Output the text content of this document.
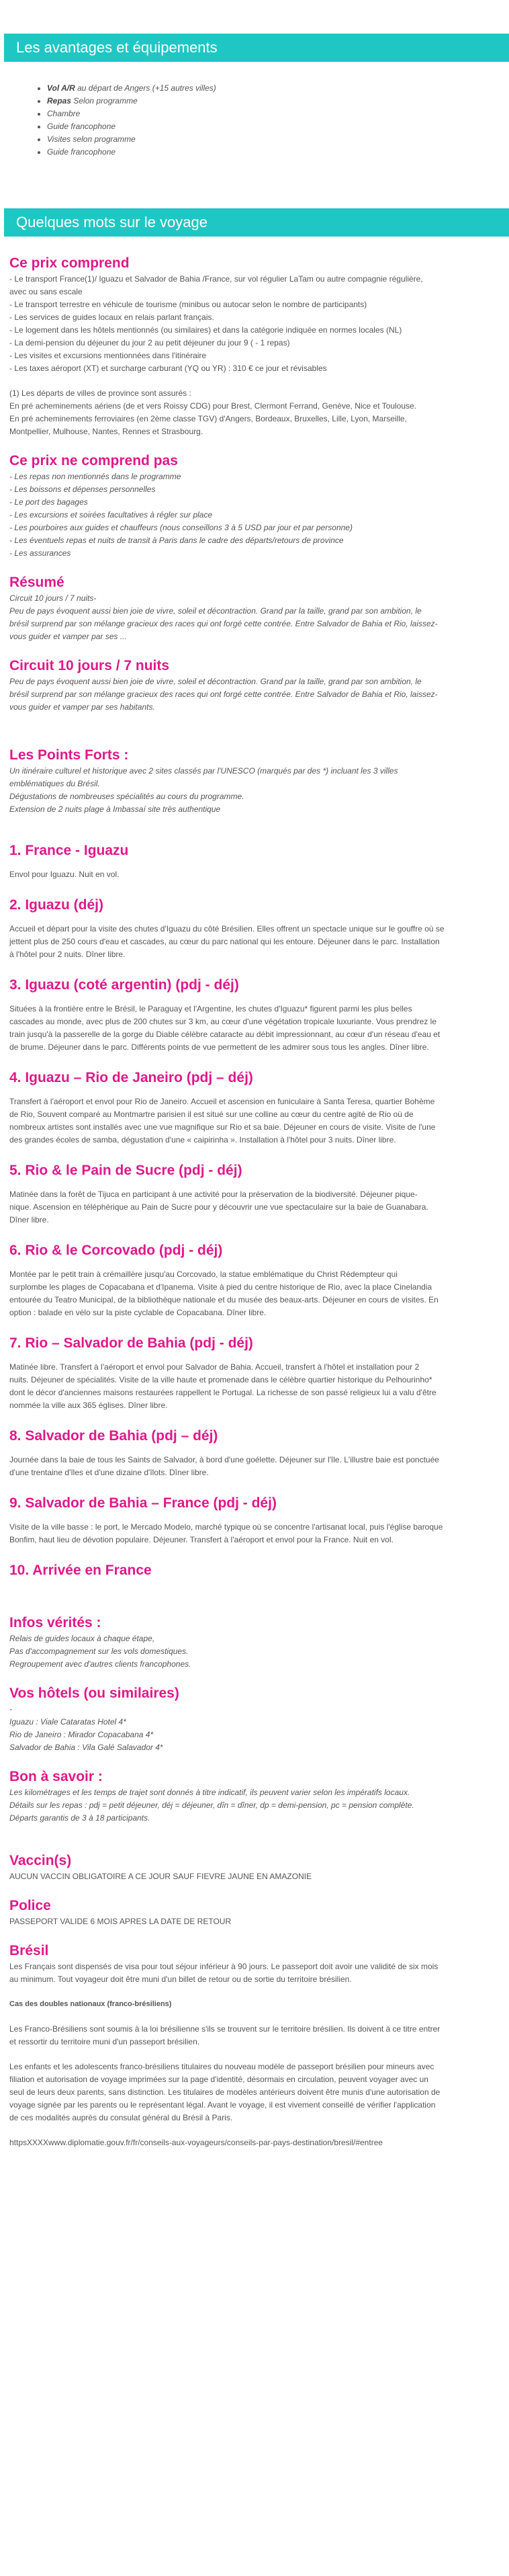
Les avantages et équipements
• Vol A/R au départ de Angers (+15 autres villes)
• Repas Selon programme
• Chambre
• Guide francophone
• Visites selon programme
• Guide francophone
Quelques mots sur le voyage
Ce prix comprend
- Le transport France(1)/ Iguazu et Salvador de Bahia /France, sur vol régulier LaTam ou autre compagnie régulière,
avec ou sans escale
- Le transport terrestre en véhicule de tourisme (minibus ou autocar selon le nombre de participants)
- Les services de guides locaux en relais parlant français.
- Le logement dans les hôtels mentionnés (ou similaires) et dans la catégorie indiquée en normes locales (NL)
- La demi-pension du déjeuner du jour 2 au petit déjeuner du jour 9 ( - 1 repas)
- Les visites et excursions mentionnées dans l'itinéraire
- Les taxes aéroport (XT) et surcharge carburant (YQ ou YR) : 310 € ce jour et révisables
(1) Les départs de villes de province sont assurés :
En pré acheminements aériens (de et vers Roissy CDG) pour Brest, Clermont Ferrand, Genève, Nice et Toulouse.
En pré acheminements ferroviaires (en 2ème classe TGV) d'Angers, Bordeaux, Bruxelles, Lille, Lyon, Marseille,
Montpellier, Mulhouse, Nantes, Rennes et Strasbourg.
Ce prix ne comprend pas
- Les repas non mentionnés dans le programme
- Les boissons et dépenses personnelles
- Le port des bagages
- Les excursions et soirées facultatives à régler sur place
- Les pourboires aux guides et chauffeurs (nous conseillons 3 à 5 USD par jour et par personne)
- Les éventuels repas et nuits de transit à Paris dans le cadre des départs/retours de province
- Les assurances
Résumé
Circuit 10 jours / 7 nuits-
Peu de pays évoquent aussi bien joie de vivre, soleil et décontraction. Grand par la taille, grand par son ambition, le
brésil surprend par son mélange gracieux des races qui ont forgé cette contrée. Entre Salvador de Bahia et Rio, laissez-
vous guider et vamper par ses ...
Circuit 10 jours / 7 nuits
Peu de pays évoquent aussi bien joie de vivre, soleil et décontraction. Grand par la taille, grand par son ambition, le
brésil surprend par son mélange gracieux des races qui ont forgé cette contrée. Entre Salvador de Bahia et Rio, laissez-
vous guider et vamper par ses habitants.
Les Points Forts :
Un itinéraire culturel et historique avec 2 sites classés par l'UNESCO (marqués par des *) incluant les 3 villes
emblématiques du Brésil.
Dégustations de nombreuses spécialités au cours du programme.
Extension de 2 nuits plage à Imbassaí site très authentique
1. France - Iguazu
Envol pour Iguazu. Nuit en vol.
2. Iguazu (déj)
Accueil et départ pour la visite des chutes d'Iguazu du côté Brésilien. Elles offrent un spectacle unique sur le gouffre où se
jettent plus de 250 cours d'eau et cascades, au cœur du parc national qui les entoure. Déjeuner dans le parc. Installation
à l'hôtel pour 2 nuits. Dîner libre.
3. Iguazu (coté argentin) (pdj - déj)
Situées à la frontière entre le Brésil, le Paraguay et l'Argentine, les chutes d'Iguazu* figurent parmi les plus belles
cascades au monde, avec plus de 200 chutes sur 3 km, au cœur d'une végétation tropicale luxuriante. Vous prendrez le
train jusqu'à la passerelle de la gorge du Diable célèbre cataracte au débit impressionnant, au cœur d'un réseau d'eau et
de brume. Déjeuner dans le parc. Différents points de vue permettent de les admirer sous tous les angles. Dîner libre.
4. Iguazu – Rio de Janeiro (pdj – déj)
Transfert à l'aéroport et envol pour Rio de Janeiro. Accueil et ascension en funiculaire à Santa Teresa, quartier Bohème
de Rio, Souvent comparé au Montmartre parisien il est situé sur une colline au cœur du centre agité de Rio où de
nombreux artistes sont installés avec une vue magnifique sur Rio et sa baie. Déjeuner en cours de visite. Visite de l'une
des grandes écoles de samba, dégustation d'une « caipirinha ». Installation à l'hôtel pour 3 nuits. Dîner libre.
5. Rio & le Pain de Sucre (pdj - déj)
Matinée dans la forêt de Tijuca en participant à une activité pour la préservation de la biodiversité. Déjeuner pique-
nique. Ascension en téléphérique au Pain de Sucre pour y découvrir une vue spectaculaire sur la baie de Guanabara.
Dîner libre.
6. Rio & le Corcovado (pdj - déj)
Montée par le petit train à crémaillère jusqu'au Corcovado, la statue emblématique du Christ Rédempteur qui
surplombe les plages de Copacabana et d'Ipanema. Visite à pied du centre historique de Rio, avec la place Cinelandia
entourée du Teatro Municipal, de la bibliothèque nationale et du musée des beaux-arts. Déjeuner en cours de visites. En
option : balade en vélo sur la piste cyclable de Copacabana. Dîner libre.
7. Rio – Salvador de Bahia (pdj - déj)
Matinée libre. Transfert à l'aéroport et envol pour Salvador de Bahia. Accueil, transfert à l'hôtel et installation pour 2
nuits. Déjeuner de spécialités. Visite de la ville haute et promenade dans le célèbre quartier historique du Pelhourinho*
dont le décor d'anciennes maisons restaurées rappellent le Portugal. La richesse de son passé religieux lui a valu d'être
nommée la ville aux 365 églises. Dîner libre.
8. Salvador de Bahia (pdj – déj)
Journée dans la baie de tous les Saints de Salvador, à bord d'une goélette. Déjeuner sur l'île. L'illustre baie est ponctuée
d'une trentaine d'îles et d'une dizaine d'îlots. Dîner libre.
9. Salvador de Bahia – France (pdj - déj)
Visite de la ville basse : le port, le Mercado Modelo, marché typique où se concentre l'artisanat local, puis l'église baroque
Bonfim, haut lieu de dévotion populaire. Déjeuner. Transfert à l'aéroport et envol pour la France. Nuit en vol.
10. Arrivée en France
Infos vérités :
Relais de guides locaux à chaque étape,
Pas d'accompagnement sur les vols domestiques.
Regroupement avec d'autres clients francophones.
Vos hôtels (ou similaires)
-
Iguazu : Viale Cataratas Hotel 4*
Rio de Janeiro : Mirador Copacabana 4*
Salvador de Bahia : Vila Galé Salavador 4*
Bon à savoir :
Les kilométrages et les temps de trajet sont donnés à titre indicatif, ils peuvent varier selon les impératifs locaux.
Détails sur les repas : pdj = petit déjeuner, déj = déjeuner, dîn = dîner, dp = demi-pension, pc = pension complète.
Départs garantis de 3 à 18 participants.
Vaccin(s)
AUCUN VACCIN OBLIGATOIRE A CE JOUR SAUF FIEVRE JAUNE EN AMAZONIE
Police
PASSEPORT VALIDE 6 MOIS APRES LA DATE DE RETOUR
Brésil
Les Français sont dispensés de visa pour tout séjour inférieur à 90 jours. Le passeport doit avoir une validité de six mois
au minimum. Tout voyageur doit être muni d'un billet de retour ou de sortie du territoire brésilien.
Cas des doubles nationaux (franco-brésiliens)
Les Franco-Brésiliens sont soumis à la loi brésilienne s'ils se trouvent sur le territoire brésilien. Ils doivent à ce titre entrer
et ressortir du territoire muni d'un passeport brésilien.
Les enfants et les adolescents franco-brésiliens titulaires du nouveau modèle de passeport brésilien pour mineurs avec
filiation et autorisation de voyage imprimées sur la page d'identité, désormais en circulation, peuvent voyager avec un
seul de leurs deux parents, sans distinction. Les titulaires de modèles antérieurs doivent être munis d'une autorisation de
voyage signée par les parents ou le représentant légal. Avant le voyage, il est vivement conseillé de vérifier l'application
de ces modalités auprès du consulat général du Brésil à Paris.
httpsXXXXwww.diplomatie.gouv.fr/fr/conseils-aux-voyageurs/conseils-par-pays-destination/bresil/#entree
